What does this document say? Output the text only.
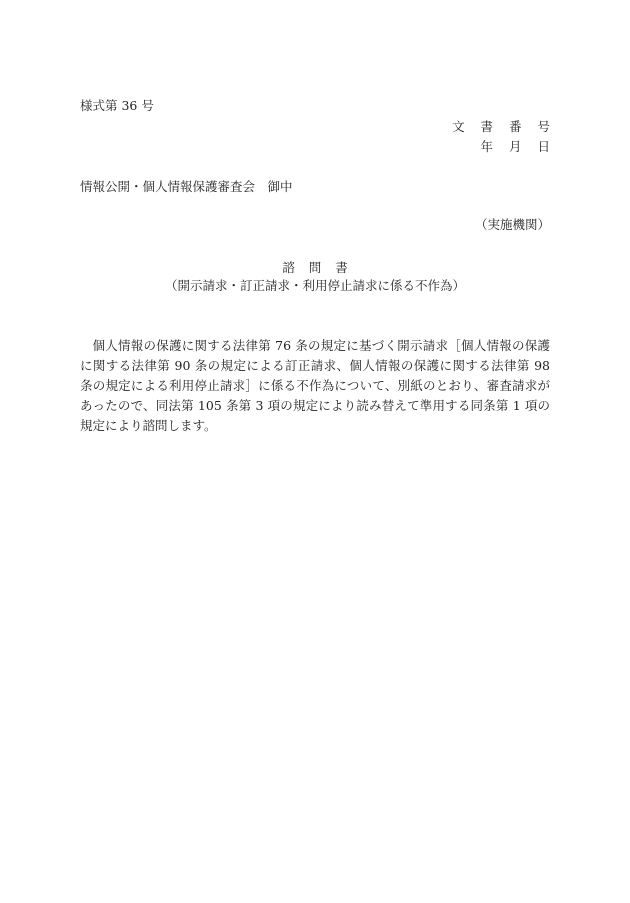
様式第 36 号
文 書 番 号
年 月 日
情報公開・個人情報保護審査会　御中
（実施機関）
諮問書
（開示請求・訂正請求・利用停止請求に係る不作為）
個人情報の保護に関する法律第 76 条の規定に基づく開示請求［個人情報の保護に関する法律第 90 条の規定による訂正請求、個人情報の保護に関する法律第 98 条の規定による利用停止請求］に係る不作為について、別紙のとおり、審査請求があったので、同法第 105 条第 3 項の規定により読み替えて準用する同条第 1 項の規定により諮問します。
